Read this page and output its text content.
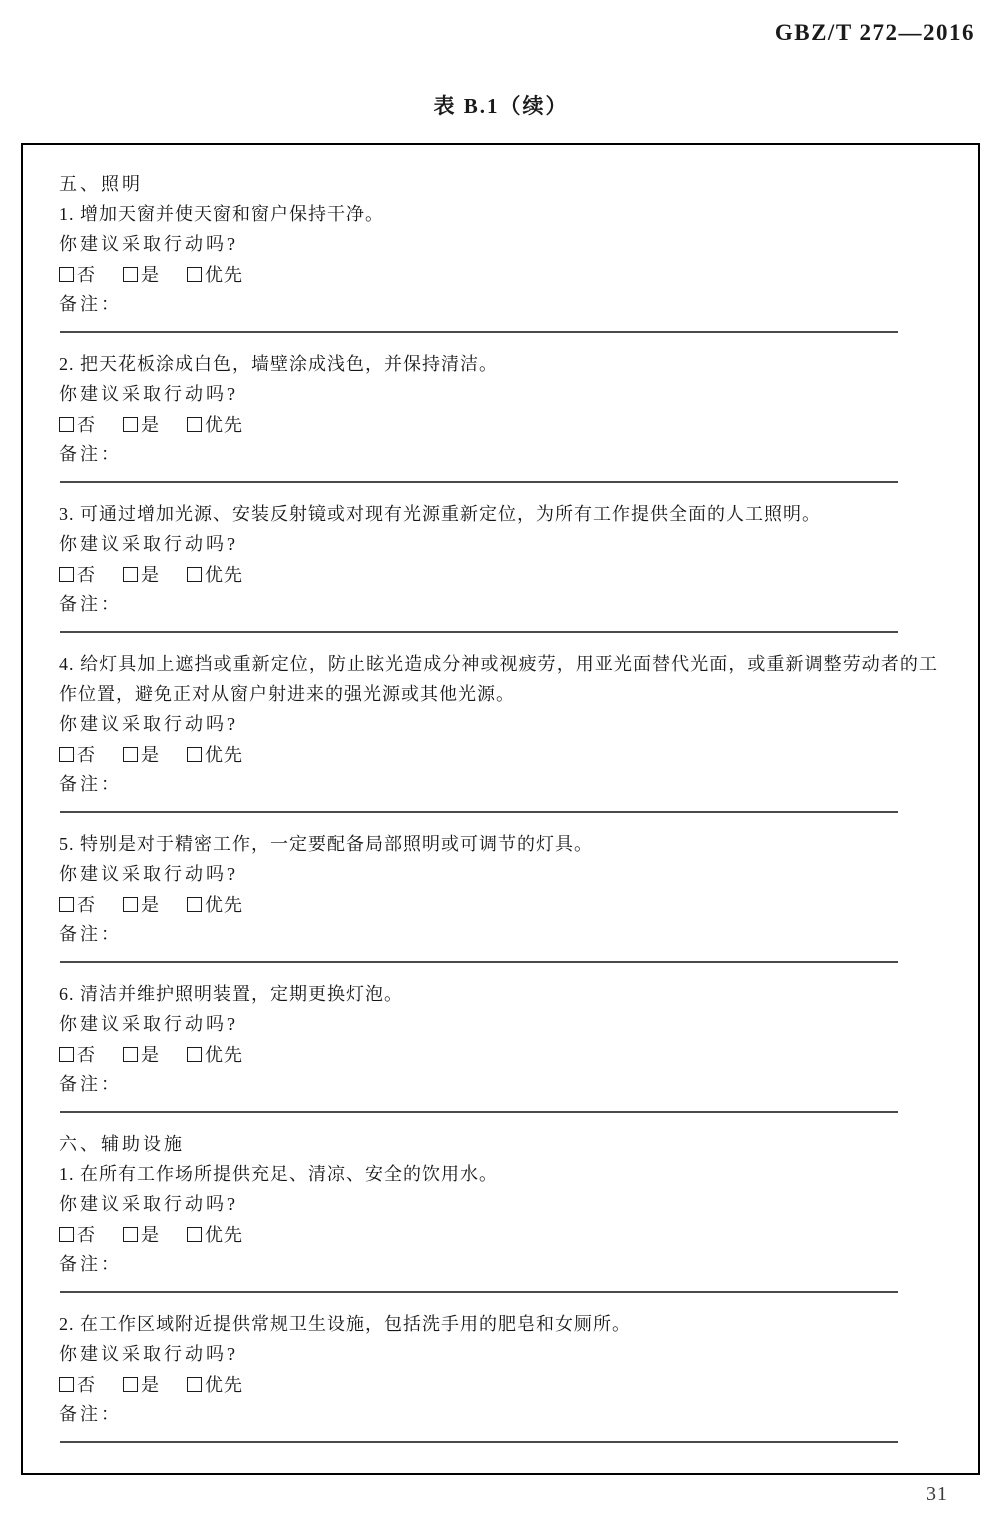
GBZ/T 272—2016
表 B.1（续）

五、照明

1. 增加天窗并使天窗和窗户保持干净。

你建议采取行动吗?

否	是	优先

备注：

2. 把天花板涂成白色，墙壁涂成浅色，并保持清洁。

你建议采取行动吗?

否	是	优先

备注：

3. 可通过增加光源、安装反射镜或对现有光源重新定位，为所有工作提供全面的人工照明。

你建议采取行动吗?

否	是	优先

备注：

4. 给灯具加上遮挡或重新定位，防止眩光造成分神或视疲劳，用亚光面替代光面，或重新调整劳动者的工作位置，避免正对从窗户射进来的强光源或其他光源。

你建议采取行动吗?

否	是	优先

备注：

5. 特别是对于精密工作，一定要配备局部照明或可调节的灯具。

你建议采取行动吗?

否	是	优先

备注：

6. 清洁并维护照明装置，定期更换灯泡。

你建议采取行动吗?

否	是	优先

备注：

六、辅助设施

1. 在所有工作场所提供充足、清凉、安全的饮用水。

你建议采取行动吗?

否	是	优先

备注：

2. 在工作区域附近提供常规卫生设施，包括洗手用的肥皂和女厕所。

你建议采取行动吗?

否	是	优先

备注：

31
